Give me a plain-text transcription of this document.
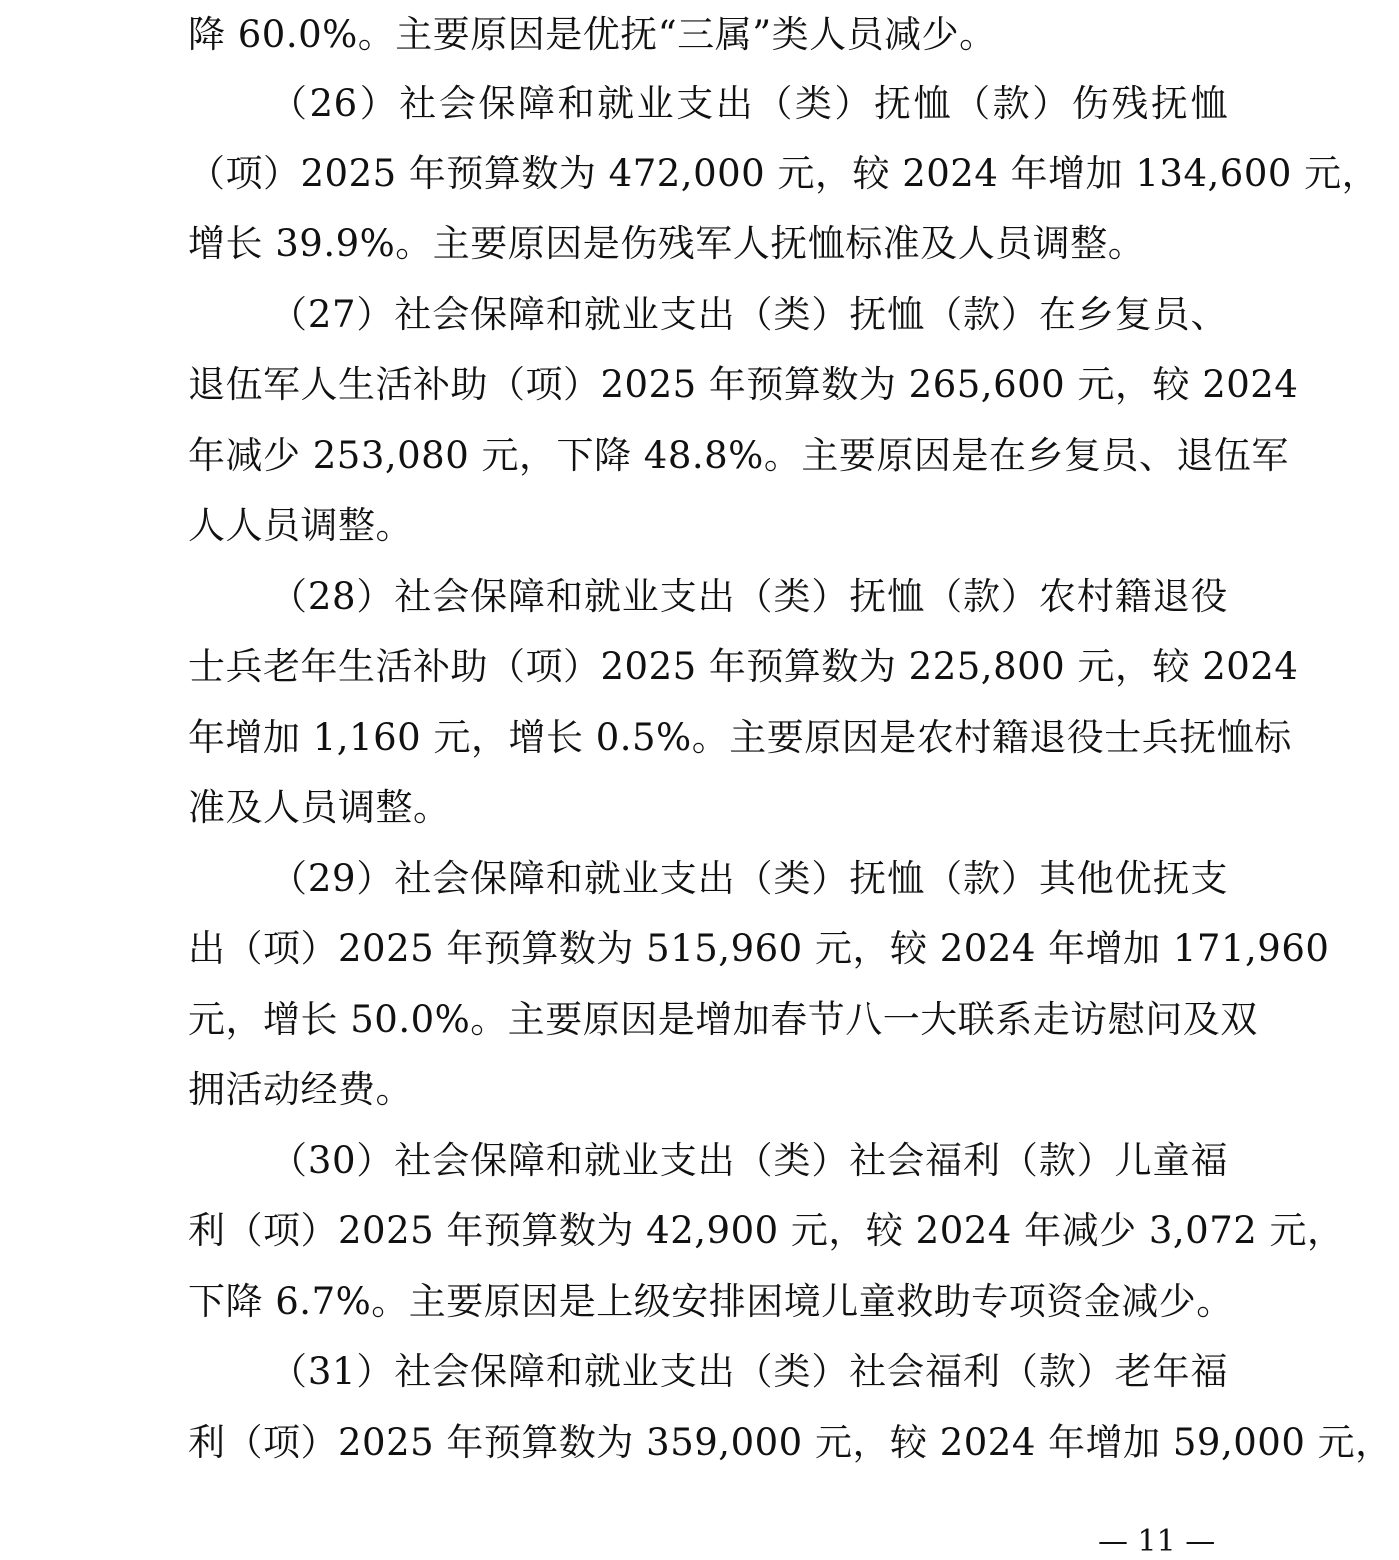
降 60.0%。主要原因是优抚“三属”类人员减少。
（26）社会保障和就业支出（类）抚恤（款）伤残抚恤
（项）2025 年预算数为 472,000 元，较 2024 年增加 134,600 元，
增长 39.9%。主要原因是伤残军人抚恤标准及人员调整。
（27）社会保障和就业支出（类）抚恤（款）在乡复员、
退伍军人生活补助（项）2025 年预算数为 265,600 元，较 2024
年减少 253,080 元，下降 48.8%。主要原因是在乡复员、退伍军
人人员调整。
（28）社会保障和就业支出（类）抚恤（款）农村籍退役
士兵老年生活补助（项）2025 年预算数为 225,800 元，较 2024
年增加 1,160 元，增长 0.5%。主要原因是农村籍退役士兵抚恤标
准及人员调整。
（29）社会保障和就业支出（类）抚恤（款）其他优抚支
出（项）2025 年预算数为 515,960 元，较 2024 年增加 171,960
元，增长 50.0%。主要原因是增加春节八一大联系走访慰问及双
拥活动经费。
（30）社会保障和就业支出（类）社会福利（款）儿童福
利（项）2025 年预算数为 42,900 元，较 2024 年减少 3,072 元，
下降 6.7%。主要原因是上级安排困境儿童救助专项资金减少。
（31）社会保障和就业支出（类）社会福利（款）老年福
利（项）2025 年预算数为 359,000 元，较 2024 年增加 59,000 元，
— 11 —
